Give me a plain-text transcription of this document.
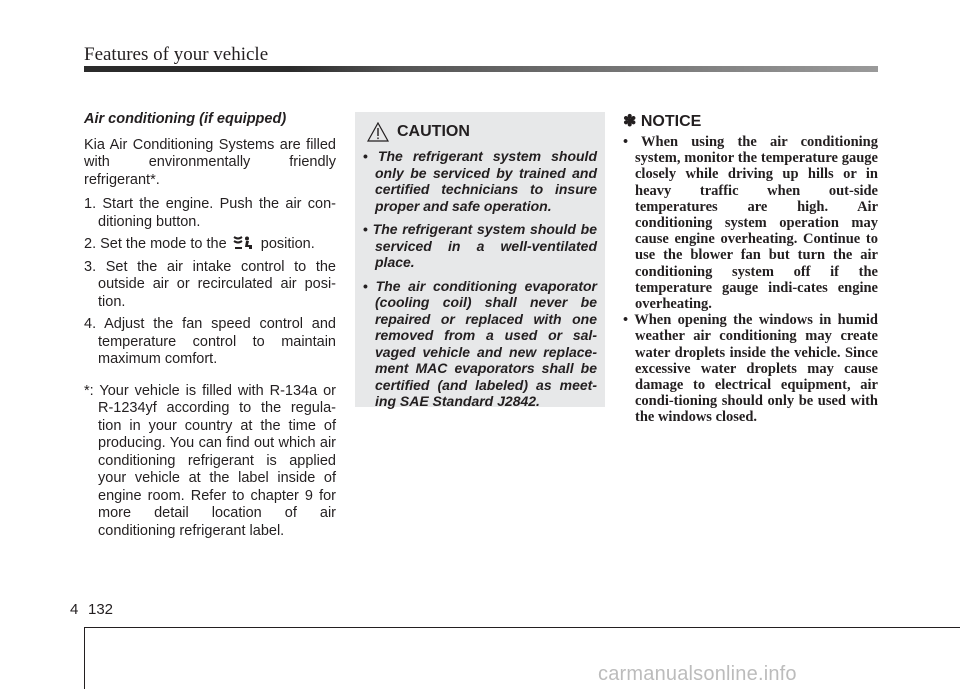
Features of your vehicle
Air conditioning (if equipped)

Kia Air Conditioning Systems are filled with environmentally friendly refrigerant*.

1. Start the engine. Push the air con-ditioning button.
2. Set the mode to the position.
3. Set the air intake control to the outside air or recirculated air posi-tion.
4. Adjust the fan speed control and temperature control to maintain maximum comfort.
*: Your vehicle is filled with R-134a or R-1234yf according to the regula-tion in your country at the time of producing. You can find out which air conditioning refrigerant is applied your vehicle at the label inside of engine room. Refer to chapter 9 for more detail location of air conditioning refrigerant label.
CAUTION
• The refrigerant system should only be serviced by trained and certified technicians to insure proper and safe operation.
• The refrigerant system should be serviced in a well-ventilated place.
• The air conditioning evaporator (cooling coil) shall never be repaired or replaced with one removed from a used or sal-vaged vehicle and new replace-ment MAC evaporators shall be certified (and labeled) as meet-ing SAE Standard J2842.
✽ NOTICE
• When using the air conditioning system, monitor the temperature gauge closely while driving up hills or in heavy traffic when out-side temperatures are high. Air conditioning system operation may cause engine overheating. Continue to use the blower fan but turn the air conditioning system off if the temperature gauge indi-cates engine overheating.
• When opening the windows in humid weather air conditioning may create water droplets inside the vehicle. Since excessive water droplets may cause damage to electrical equipment, air condi-tioning should only be used with the windows closed.
4 132
carmanualsonline.info
